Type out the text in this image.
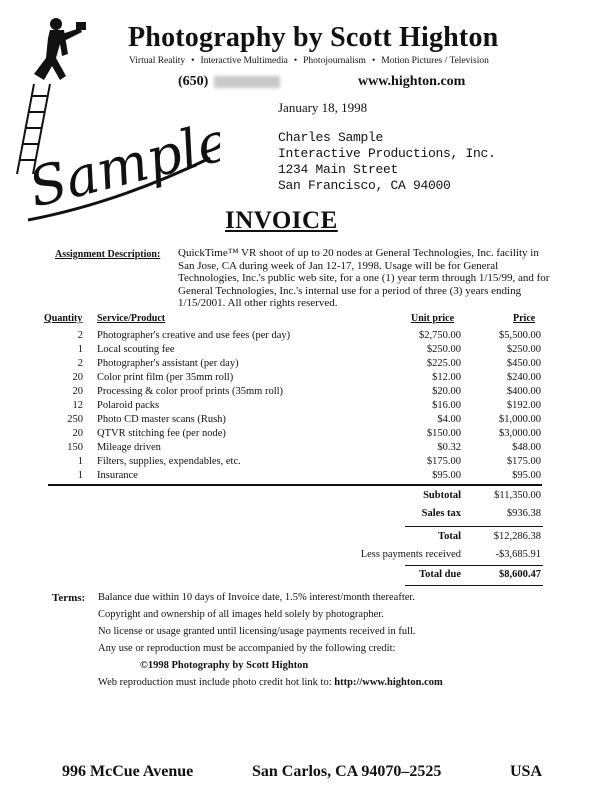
Sample
Photography by Scott Highton
Virtual Reality • Interactive Multimedia • Photojournalism • Motion Pictures / Television
(650)	www.highton.com
January 18, 1998
Charles Sample
Interactive Productions, Inc.
1234 Main Street
San Francisco, CA 94000
INVOICE
Assignment Description: QuickTime™ VR shoot of up to 20 nodes at General Technologies, Inc. facility in San Jose, CA during week of Jan 12-17, 1998. Usage will be for General Technologies, Inc.'s public web site, for a one (1) year term through 1/15/99, and for General Technologies, Inc.'s internal use for a period of three (3) years ending 1/15/2001. All other rights reserved.
Quantity Service/Product	Unit price	Price
2 Photographer's creative and use fees (per day)	$2,750.00	$5,500.00
1 Local scouting fee	$250.00	$250.00
2 Photographer's assistant (per day)	$225.00	$450.00
20 Color print film (per 35mm roll)	$12.00	$240.00
20 Processing & color proof prints (35mm roll)	$20.00	$400.00
12 Polaroid packs	$16.00	$192.00
250 Photo CD master scans (Rush)	$4.00	$1,000.00
20 QTVR stitching fee (per node)	$150.00	$3,000.00
150 Mileage driven	$0.32	$48.00
1 Filters, supplies, expendables, etc.	$175.00	$175.00
1 Insurance	$95.00	$95.00
Subtotal	$11,350.00
Sales tax	$936.38
Total	$12,286.38
Less payments received	-$3,685.91
Total due	$8,600.47
Terms: Balance due within 10 days of Invoice date, 1.5% interest/month thereafter.
Copyright and ownership of all images held solely by photographer.
No license or usage granted until licensing/usage payments received in full.
Any use or reproduction must be accompanied by the following credit:
©1998 Photography by Scott Highton
Web reproduction must include photo credit hot link to: http://www.highton.com
996 McCue Avenue	San Carlos, CA 94070–2525	USA
